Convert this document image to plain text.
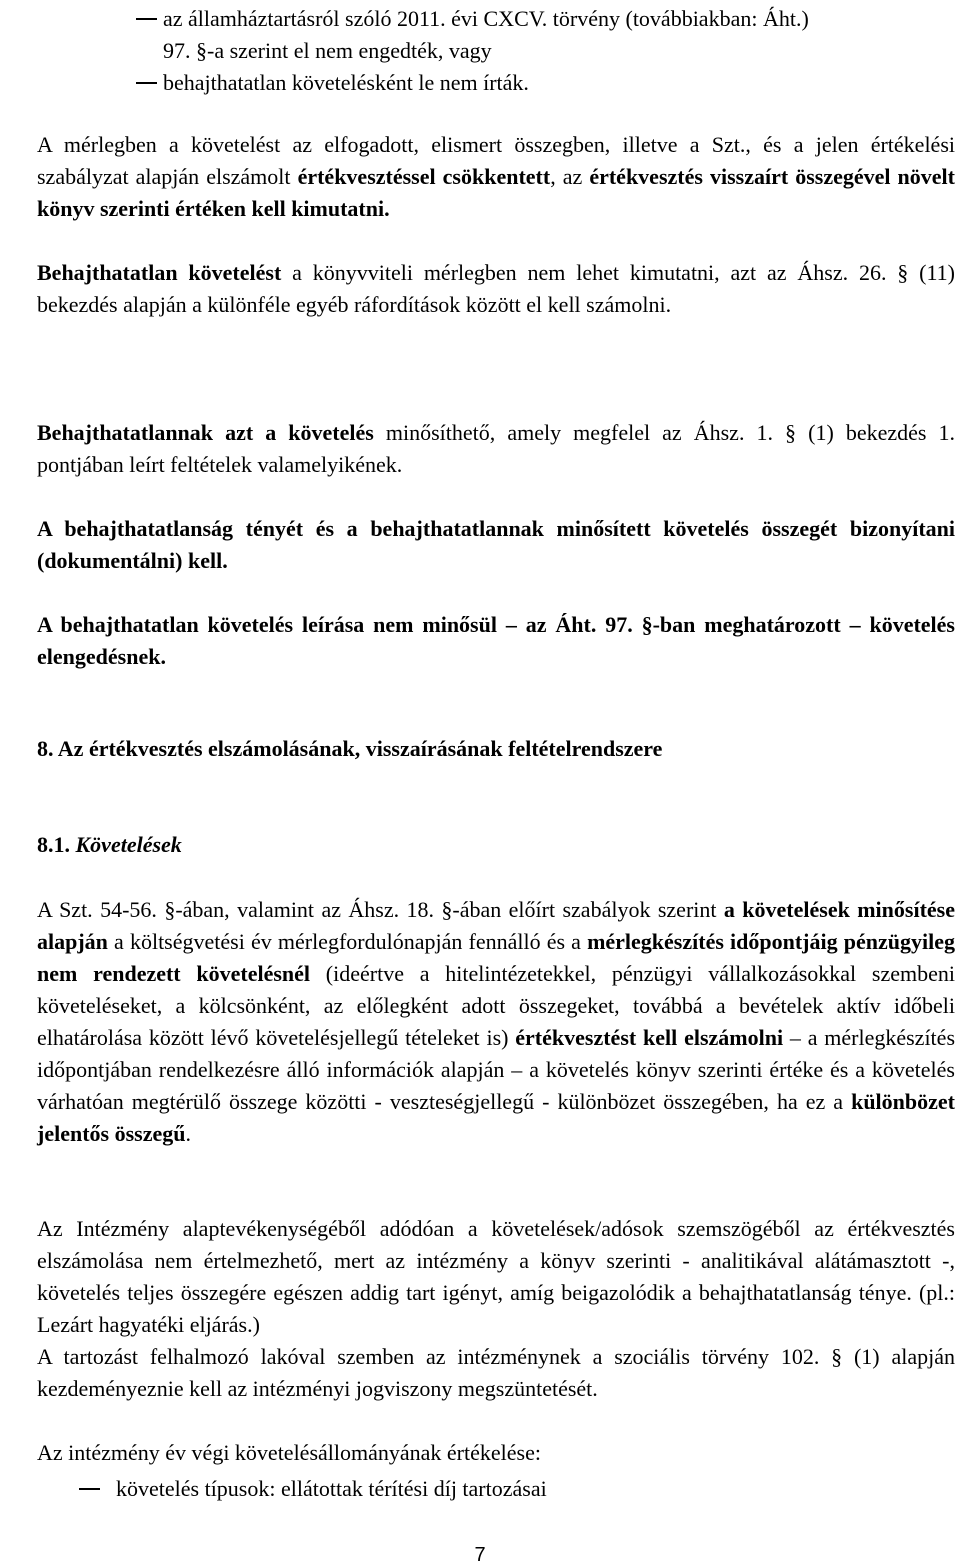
az államháztartásról szóló 2011. évi CXCV. törvény (továbbiakban: Áht.)
97. §-a szerint el nem engedték, vagy
behajthatatlan követelésként le nem írták.
A mérlegben a követelést az elfogadott, elismert összegben, illetve a Szt., és a jelen értékelési szabályzat alapján elszámolt értékvesztéssel csökkentett, az értékvesztés visszaírt összegével növelt könyv szerinti értéken kell kimutatni.
Behajthatatlan követelést a könyvviteli mérlegben nem lehet kimutatni, azt az Áhsz. 26. § (11) bekezdés alapján a különféle egyéb ráfordítások között el kell számolni.
Behajthatatlannak azt a követelés minősíthető, amely megfelel az Áhsz. 1. § (1) bekezdés 1. pontjában leírt feltételek valamelyikének.
A behajthatatlanság tényét és a behajthatatlannak minősített követelés összegét bizonyítani (dokumentálni) kell.
A behajthatatlan követelés leírása nem minősül – az Áht. 97. §-ban meghatározott – követelés elengedésnek.
8. Az értékvesztés elszámolásának, visszaírásának feltételrendszere
8.1. Követelések
A Szt. 54-56. §-ában, valamint az Áhsz. 18. §-ában előírt szabályok szerint a követelések minősítése alapján a költségvetési év mérlegfordulónapján fennálló és a mérlegkészítés időpontjáig pénzügyileg nem rendezett követelésnél (ideértve a hitelintézetekkel, pénzügyi vállalkozásokkal szembeni követeléseket, a kölcsönként, az előlegként adott összegeket, továbbá a bevételek aktív időbeli elhatárolása között lévő követelésjellegű tételeket is) értékvesztést kell elszámolni – a mérlegkészítés időpontjában rendelkezésre álló információk alapján – a követelés könyv szerinti értéke és a követelés várhatóan megtérülő összege közötti - veszteségjellegű - különbözet összegében, ha ez a különbözet jelentős összegű.
Az Intézmény alaptevékenységéből adódóan a követelések/adósok szemszögéből az értékvesztés elszámolása nem értelmezhető, mert az intézmény a könyv szerinti - analitikával alátámasztott -, követelés teljes összegére egészen addig tart igényt, amíg beigazolódik a behajthatatlanság ténye. (pl.: Lezárt hagyatéki eljárás.)
A tartozást felhalmozó lakóval szemben az intézménynek a szociális törvény 102. § (1) alapján kezdeményeznie kell az intézményi jogviszony megszüntetését.
Az intézmény év végi követelésállományának értékelése:
követelés típusok: ellátottak térítési díj tartozásai
7
